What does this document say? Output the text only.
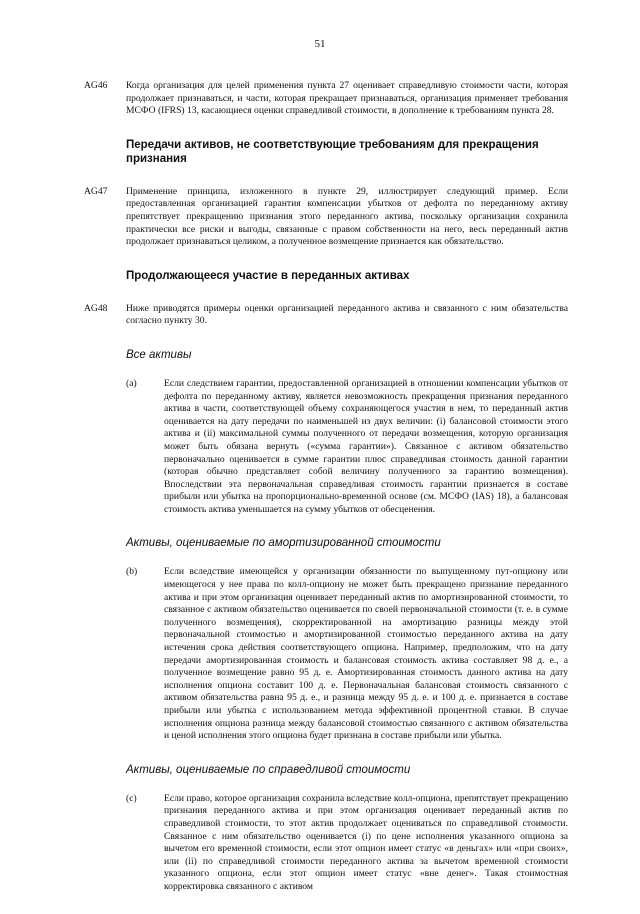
51
AG46	Когда организация для целей применения пункта 27 оценивает справедливую стоимости части, которая продолжает признаваться, и части, которая прекращает признаваться, организация применяет требования МСФО (IFRS) 13, касающиеся оценки справедливой стоимости, в дополнение к требованиям пункта 28.
Передачи активов, не соответствующие требованиям для прекращения признания
AG47	Применение принципа, изложенного в пункте 29, иллюстрирует следующий пример. Если предоставленная организацией гарантия компенсации убытков от дефолта по переданному активу препятствует прекращению признания этого переданного актива, поскольку организация сохранила практически все риски и выгоды, связанные с правом собственности на него, весь переданный актив продолжает признаваться целиком, а полученное возмещение признается как обязательство.
Продолжающееся участие в переданных активах
AG48	Ниже приводятся примеры оценки организацией переданного актива и связанного с ним обязательства согласно пункту 30.
Все активы
(a)	Если следствием гарантии, предоставленной организацией в отношении компенсации убытков от дефолта по переданному активу, является невозможность прекращения признания переданного актива в части, соответствующей объему сохраняющегося участия в нем, то переданный актив оценивается на дату передачи по наименьшей из двух величин: (i) балансовой стоимости этого актива и (ii) максимальной суммы полученного от передачи возмещения, которую организация может быть обязана вернуть («сумма гарантии»). Связанное с активом обязательство первоначально оценивается в сумме гарантии плюс справедливая стоимость данной гарантии (которая обычно представляет собой величину полученного за гарантию возмещения). Впоследствии эта первоначальная справедливая стоимость гарантии признается в составе прибыли или убытка на пропорционально-временной основе (см. МСФО (IAS) 18), а балансовая стоимость актива уменьшается на сумму убытков от обесценения.
Активы, оцениваемые по амортизированной стоимости
(b)	Если вследствие имеющейся у организации обязанности по выпущенному пут-опциону или имеющегося у нее права по колл-опциону не может быть прекращено признание переданного актива и при этом организация оценивает переданный актив по амортизированной стоимости, то связанное с активом обязательство оценивается по своей первоначальной стоимости (т. е. в сумме полученного возмещения), скорректированной на амортизацию разницы между этой первоначальной стоимостью и амортизированной стоимостью переданного актива на дату истечения срока действия соответствующего опциона. Например, предположим, что на дату передачи амортизированная стоимость и балансовая стоимость актива составляет 98 д. е., а полученное возмещение равно 95 д. е. Амортизированная стоимость данного актива на дату исполнения опциона составит 100 д. е. Первоначальная балансовая стоимость связанного с активом обязательства равна 95 д. е., и разница между 95 д. е. и 100 д. е. признается в составе прибыли или убытка с использованием метода эффективной процентной ставки. В случае исполнения опциона разница между балансовой стоимостью связанного с активом обязательства и ценой исполнения этого опциона будет признана в составе прибыли или убытка.
Активы, оцениваемые по справедливой стоимости
(c)	Если право, которое организация сохранила вследствие колл-опциона, препятствует прекращению признания переданного актива и при этом организация оценивает переданный актив по справедливой стоимости, то этот актив продолжает оцениваться по справедливой стоимости. Связанное с ним обязательство оценивается (i) по цене исполнения указанного опциона за вычетом его временной стоимости, если этот опцион имеет статус «в деньгах» или «при своих», или (ii) по справедливой стоимости переданного актива за вычетом временной стоимости указанного опциона, если этот опцион имеет статус «вне денег». Такая стоимостная корректировка связанного с активом
